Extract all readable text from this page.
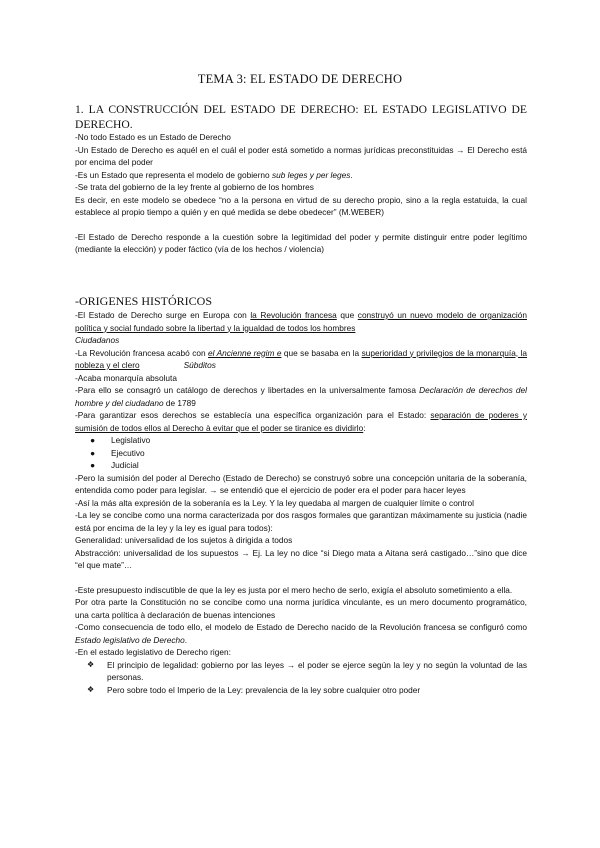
TEMA 3: EL ESTADO DE DERECHO
1. LA CONSTRUCCIÓN DEL ESTADO DE DERECHO: EL ESTADO LEGISLATIVO DE DERECHO.

-No todo Estado es un Estado de Derecho

-Un Estado de Derecho es aquél en el cuál el poder está sometido a normas jurídicas preconstituidas → El Derecho está por encima del poder

-Es un Estado que representa el modelo de gobierno sub leges y per leges.

-Se trata del gobierno de la ley frente al gobierno de los hombres

Es decir, en este modelo se obedece “no a la persona en virtud de su derecho propio, sino a la regla estatuida, la cual establece al propio tiempo a quién y en qué medida se debe obedecer” (M.WEBER)

-El Estado de Derecho responde a la cuestión sobre la legitimidad del poder y permite distinguir entre poder legítimo (mediante la elección) y poder fáctico (vía de los hechos / violencia)

-ORIGENES HISTÓRICOS

-El Estado de Derecho surge en Europa con la Revolución francesa que construyó un nuevo modelo de organización política y social fundado sobre la libertad y la igualdad de todos los hombres
Ciudadanos

-La Revolución francesa acabó con el Ancienne regim e que se basaba en la superioridad y privilegios de la monarquía, la nobleza y el clero	Súbditos

-Acaba monarquía absoluta

-Para ello se consagró un catálogo de derechos y libertades en la universalmente famosa Declaración de derechos del hombre y del ciudadano de 1789

-Para garantizar esos derechos se establecía una específica organización para el Estado: separación de poderes y sumisión de todos ellos al Derecho à evitar que el poder se tiranice es dividirlo:

● Legislativo
● Ejecutivo
● Judicial

-Pero la sumisión del poder al Derecho (Estado de Derecho) se construyó sobre una concepción unitaria de la soberanía, entendida como poder para legislar. → se entendió que el ejercicio de poder era el poder para hacer leyes

-Así la más alta expresión de la soberanía es la Ley. Y la ley quedaba al margen de cualquier límite o control

-La ley se concibe como una norma caracterizada por dos rasgos formales que garantizan máximamente su justicia (nadie está por encima de la ley y la ley es igual para todos):

Generalidad: universalidad de los sujetos à dirigida a todos

Abstracción: universalidad de los supuestos → Ej. La ley no dice “si Diego mata a Aitana será castigado…”sino que dice “el que mate”…

-Este presupuesto indiscutible de que la ley es justa por el mero hecho de serlo, exigía el absoluto sometimiento a ella.

Por otra parte la Constitución no se concibe como una norma jurídica vinculante, es un mero documento programático, una carta política à declaración de buenas intenciones

-Como consecuencia de todo ello, el modelo de Estado de Derecho nacido de la Revolución francesa se configuró como Estado legislativo de Derecho.

-En el estado legislativo de Derecho rigen:

❖ El principio de legalidad: gobierno por las leyes → el poder se ejerce según la ley y no según la voluntad de las personas.
❖ Pero sobre todo el Imperio de la Ley: prevalencia de la ley sobre cualquier otro poder
